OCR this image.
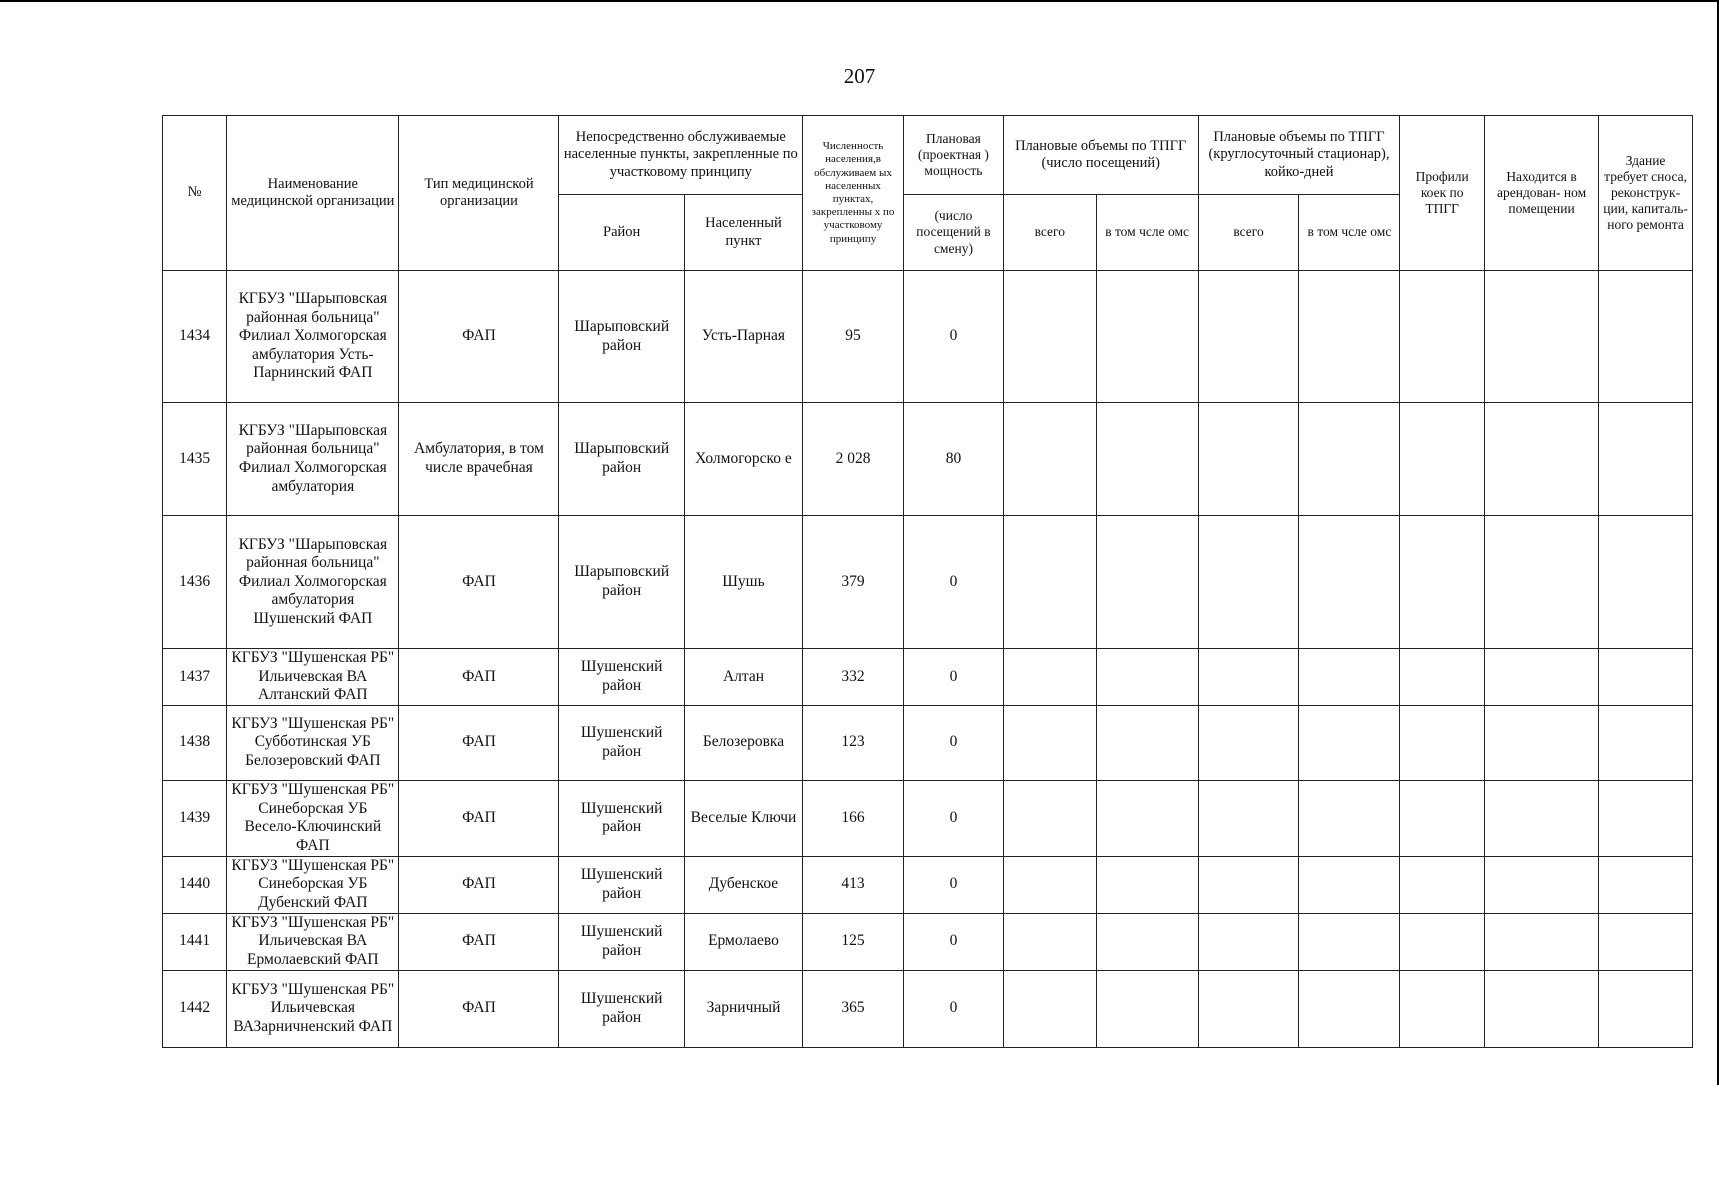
207
№	Наименование медицинской организации	Тип медицинской организации	Непосредственно обслуживаемые населенные пункты, закрепленные по участковому принципу		Численность населения,в обслуживаем ых населенных пунктах, закрепленны х по участковому принципу	Плановая (проектная ) мощность	Плановые объемы по ТПГГ (число посещений)		Плановые объемы по ТПГГ (круглосуточный стационар), койко-дней		Профили коек по ТПГГ	Находится в арендован- ном помещении	Здание требует сноса, реконструк- ции, капиталь- ного ремонта
			Район	Населенный пункт		(число посещений в смену)	всего	в том чсле омс	всего	в том чсле омс			
1434	КГБУЗ "Шарыповская районная больница" Филиал Холмогорская амбулатория Усть-Парнинский ФАП	ФАП	Шарыповский район	Усть-Парная	95	0							
1435	КГБУЗ "Шарыповская районная больница" Филиал Холмогорская амбулатория	Амбулатория, в том числе врачебная	Шарыповский район	Холмогорско е	2 028	80							
1436	КГБУЗ "Шарыповская районная больница" Филиал Холмогорская амбулатория Шушенский ФАП	ФАП	Шарыповский район	Шушь	379	0							
1437	КГБУЗ "Шушенская РБ" Ильичевская ВА Алтанский ФАП	ФАП	Шушенский район	Алтан	332	0							
1438	КГБУЗ "Шушенская РБ" Субботинская УБ Белозеровский ФАП	ФАП	Шушенский район	Белозеровка	123	0							
1439	КГБУЗ "Шушенская РБ" Синеборская УБ Весело-Ключинский ФАП	ФАП	Шушенский район	Веселые Ключи	166	0							
1440	КГБУЗ "Шушенская РБ" Синеборская УБ Дубенский ФАП	ФАП	Шушенский район	Дубенское	413	0							
1441	КГБУЗ "Шушенская РБ" Ильичевская ВА Ермолаевский ФАП	ФАП	Шушенский район	Ермолаево	125	0							
1442	КГБУЗ "Шушенская РБ" Ильичевская ВАЗарничненский ФАП	ФАП	Шушенский район	Зарничный	365	0							
